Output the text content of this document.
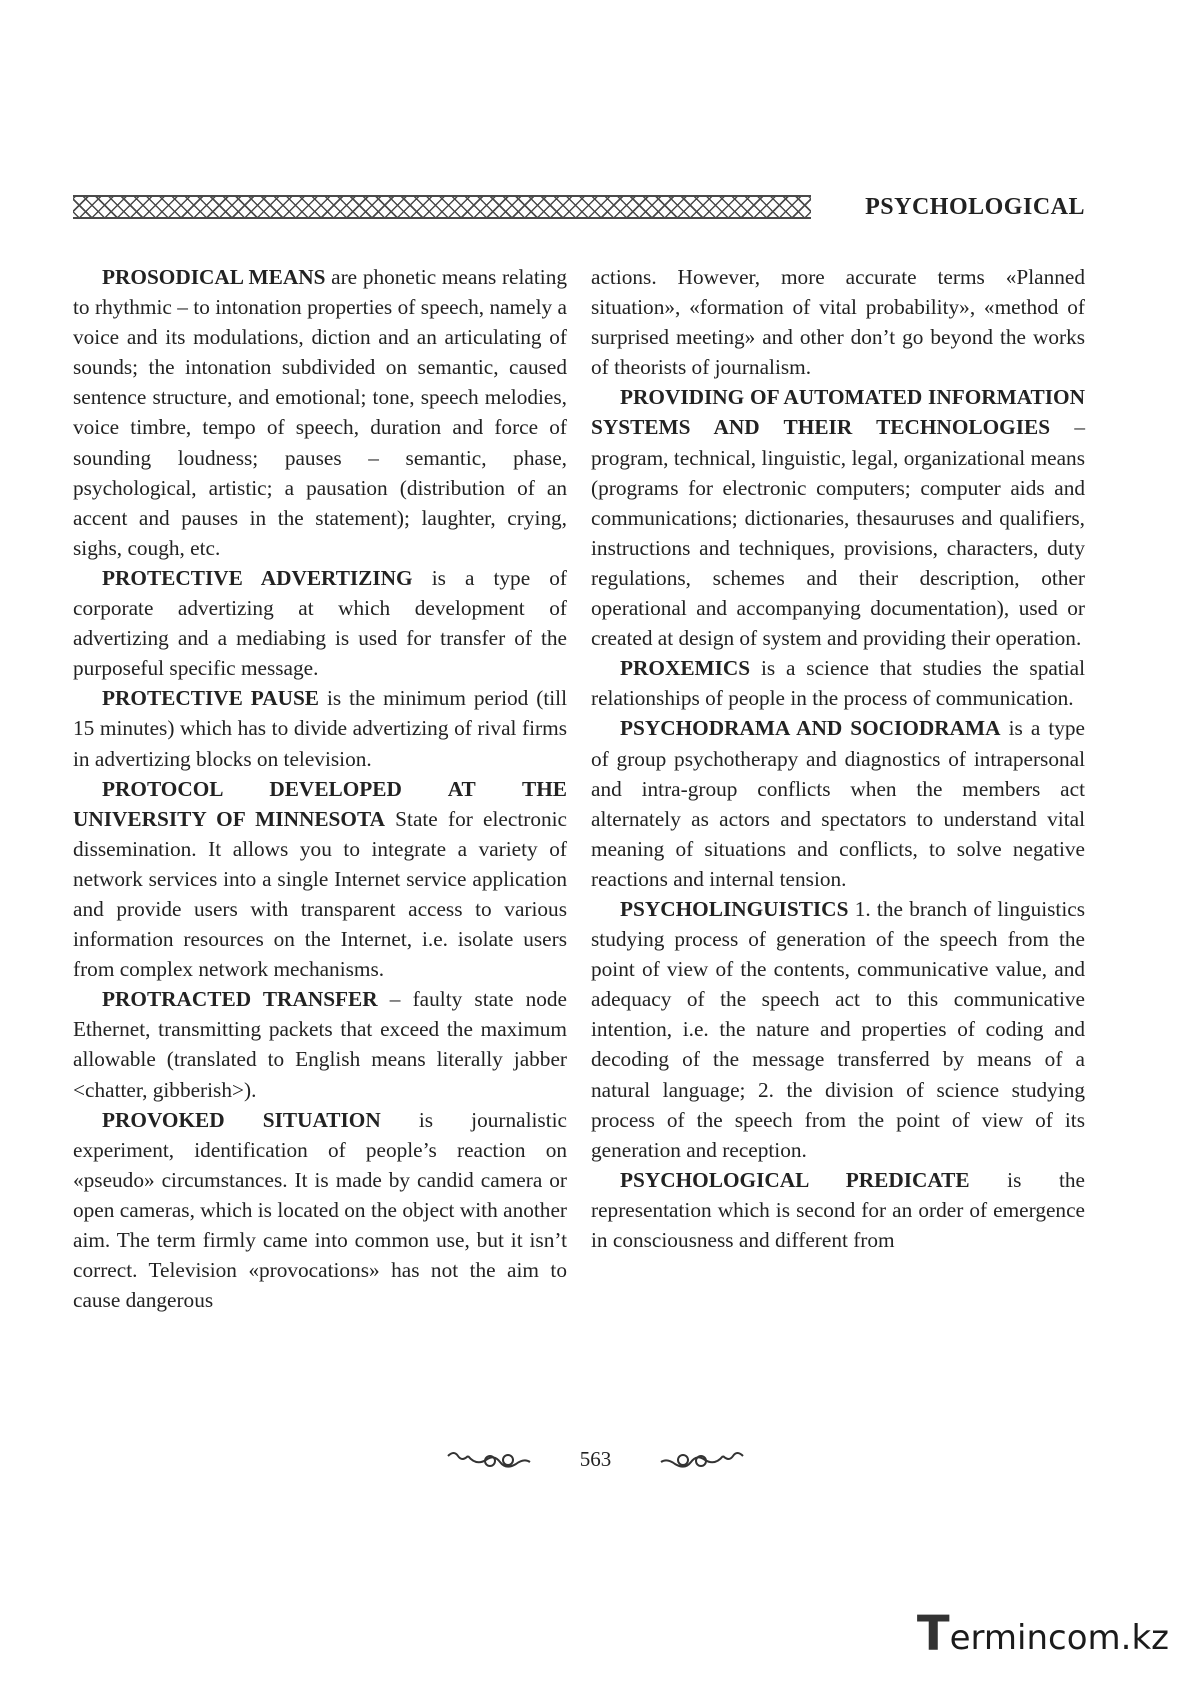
PSYCHOLOGICAL

PROSODICAL MEANS are phonetic means relating to rhythmic – to intonation properties of speech, namely a voice and its modulations, diction and an articulating of sounds; the intonation subdivided on semantic, caused sentence structure, and emotional; tone, speech melodies, voice timbre, tempo of speech, duration and force of sounding loudness; pauses – semantic, phase, psychological, artistic; a pausation (distribution of an accent and pauses in the statement); laughter, crying, sighs, cough, etc.

PROTECTIVE ADVERTIZING is a type of corporate advertizing at which development of advertizing and a mediabing is used for transfer of the purposeful specific message.

PROTECTIVE PAUSE is the minimum period (till 15 minutes) which has to divide advertizing of rival firms in advertizing blocks on television.

PROTOCOL DEVELOPED AT THE UNIVERSITY OF MINNESOTA State for electronic dissemination. It allows you to integrate a variety of network services into a single Internet service application and provide users with transparent access to various information resources on the Internet, i.e. isolate users from complex network mechanisms.

PROTRACTED TRANSFER – faulty state node Ethernet, transmitting packets that exceed the maximum allowable (translated to English means literally jabber <chatter, gibberish>).

PROVOKED SITUATION is journalistic experiment, identification of people’s reaction on «pseudo» circumstances. It is made by candid camera or open cameras, which is located on the object with another aim. The term firmly came into common use, but it isn’t correct. Television «provocations» has not the aim to cause dangerous

actions. However, more accurate terms «Planned situation», «formation of vital probability», «method of surprised meeting» and other don’t go beyond the works of theorists of journalism.

PROVIDING OF AUTOMATED INFORMATION SYSTEMS AND THEIR TECHNOLOGIES – program, technical, linguistic, legal, organizational means (programs for electronic computers; computer aids and communications; dictionaries, thesauruses and qualifiers, instructions and techniques, provisions, characters, duty regulations, schemes and their description, other operational and accompanying documentation), used or created at design of system and providing their operation.

PROXEMICS is a science that studies the spatial relationships of people in the process of communication.

PSYCHODRAMA AND SOCIODRAMA is a type of group psychotherapy and diagnostics of intrapersonal and intra-group conflicts when the members act alternately as actors and spectators to understand vital meaning of situations and conflicts, to solve negative reactions and internal tension.

PSYCHOLINGUISTICS 1. the branch of linguistics studying process of generation of the speech from the point of view of the contents, communicative value, and adequacy of the speech act to this communicative intention, i.e. the nature and properties of coding and decoding of the message transferred by means of a natural language; 2. the division of science studying process of the speech from the point of view of its generation and reception.

PSYCHOLOGICAL PREDICATE is the representation which is second for an order of emergence in consciousness and different from

563
T ermincom.kz
